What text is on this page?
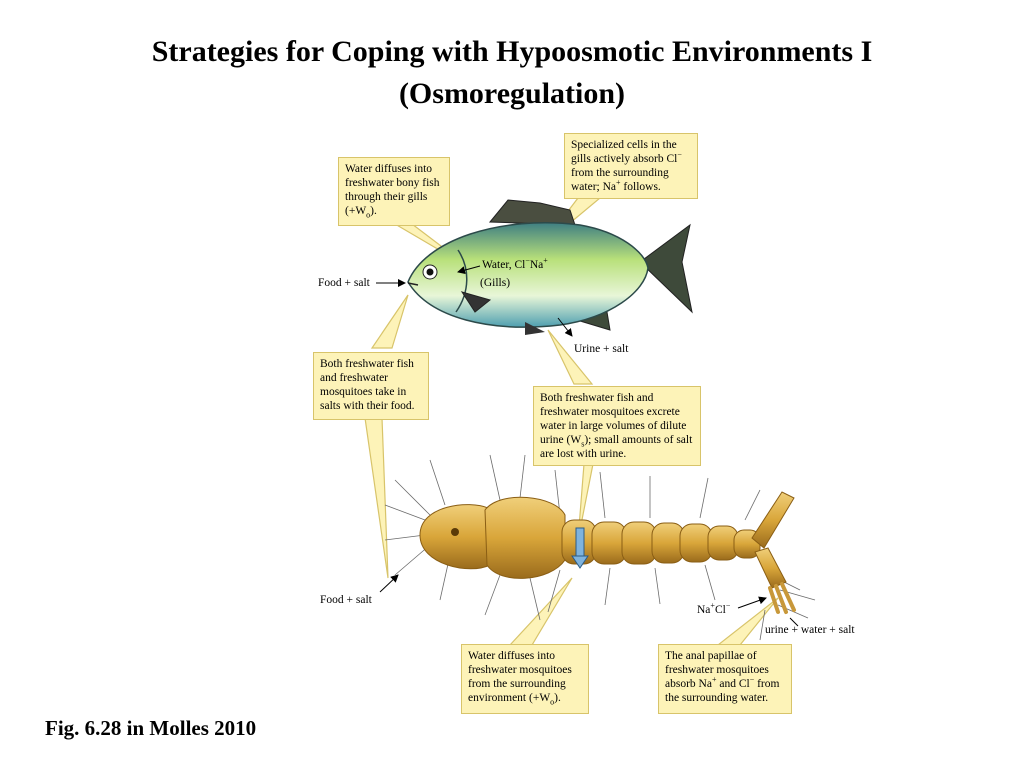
Strategies for Coping with Hypoosmotic Environments I
(Osmoregulation)
Water diffuses into freshwater bony fish through their gills $(+W_o)$.
Specialized cells in the gills actively absorb Cl− from the surrounding water; Na+ follows.
Both freshwater fish and freshwater mosquitoes take in salts with their food.
Both freshwater fish and freshwater mosquitoes excrete water in large volumes of dilute urine $(W_s)$; small amounts of salt are lost with urine.
Water diffuses into freshwater mosquitoes from the surrounding environment $(+W_o)$.
The anal papillae of freshwater mosquitoes absorb Na+ and Cl− from the surrounding water.
Food + salt
Water, Cl−Na+
(Gills)
Urine + salt
Food + salt
Na+Cl−
urine + water + salt
Fig. 6.28 in Molles 2010
